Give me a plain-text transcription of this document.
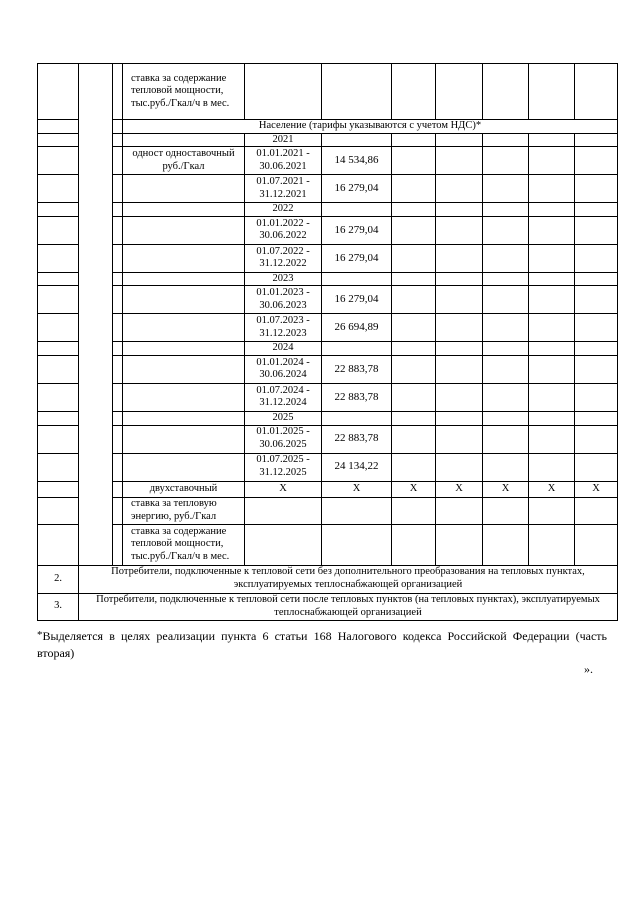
			ставка за содержание тепловой мощности, тыс.руб./Гкал/ч в мес.							
			Население (тарифы указываются с учетом НДС)*							
				2021						
			одност одноставочный руб./Гкал	01.01.2021 - 30.06.2021	14 534,86					
				01.07.2021 - 31.12.2021	16 279,04					
				2022						
				01.01.2022 - 30.06.2022	16 279,04					
				01.07.2022 - 31.12.2022	16 279,04					
				2023						
				01.01.2023 - 30.06.2023	16 279,04					
				01.07.2023 - 31.12.2023	26 694,89					
				2024						
				01.01.2024 - 30.06.2024	22 883,78					
				01.07.2024 - 31.12.2024	22 883,78					
				2025						
				01.01.2025 - 30.06.2025	22 883,78					
				01.07.2025 - 31.12.2025	24 134,22					
			двухставочный	X	X	X	X	X	X	X
			ставка за тепловую энергию, руб./Гкал							
			ставка за содержание тепловой мощности, тыс.руб./Гкал/ч в мес.							
2.	Потребители, подключенные к тепловой сети без дополнительного преобразования на тепловых пунктах, эксплуатируемых теплоснабжающей организацией									
3.	Потребители, подключенные к тепловой сети после тепловых пунктов (на тепловых пунктах), эксплуатируемых теплоснабжающей организацией									
*Выделяется в целях реализации пункта 6 статьи 168 Налогового кодекса Российской Федерации (часть вторая)
».
